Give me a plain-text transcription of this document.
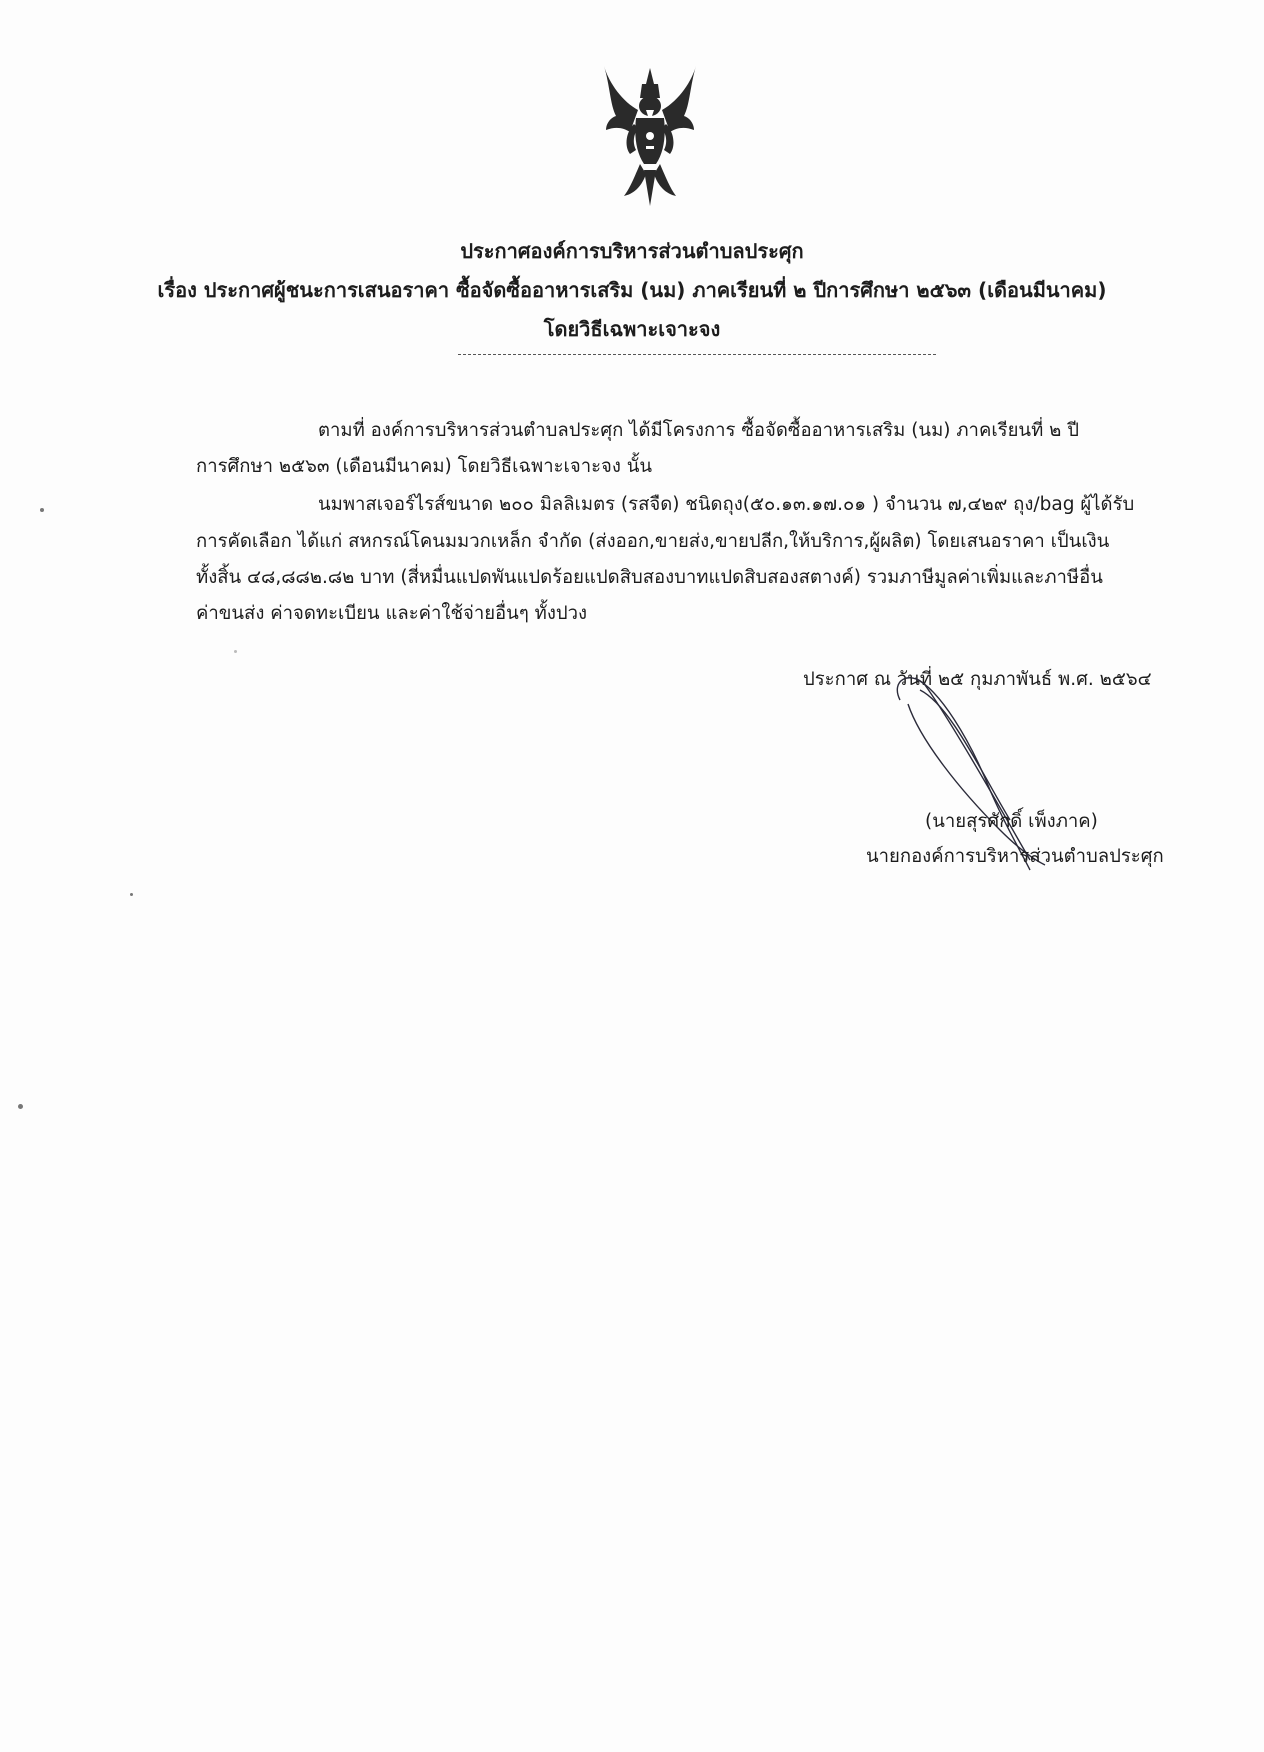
ประกาศองค์การบริหารส่วนตำบลประศุก
เรื่อง ประกาศผู้ชนะการเสนอราคา ซื้อจัดซื้ออาหารเสริม (นม) ภาคเรียนที่ ๒ ปีการศึกษา ๒๕๖๓ (เดือนมีนาคม)
โดยวิธีเฉพาะเจาะจง
ตามที่ องค์การบริหารส่วนตำบลประศุก ได้มีโครงการ ซื้อจัดซื้ออาหารเสริม (นม) ภาคเรียนที่ ๒ ปี
การศึกษา ๒๕๖๓ (เดือนมีนาคม) โดยวิธีเฉพาะเจาะจง นั้น
นมพาสเจอร์ไรส์ขนาด ๒๐๐ มิลลิเมตร (รสจืด) ชนิดถุง(๕๐.๑๓.๑๗.๐๑ ) จำนวน ๗,๔๒๙ ถุง/bag ผู้ได้รับ
การคัดเลือก ได้แก่ สหกรณ์โคนมมวกเหล็ก จำกัด (ส่งออก,ขายส่ง,ขายปลีก,ให้บริการ,ผู้ผลิต) โดยเสนอราคา เป็นเงิน
ทั้งสิ้น ๔๘,๘๘๒.๘๒ บาท (สี่หมื่นแปดพันแปดร้อยแปดสิบสองบาทแปดสิบสองสตางค์) รวมภาษีมูลค่าเพิ่มและภาษีอื่น
ค่าขนส่ง ค่าจดทะเบียน และค่าใช้จ่ายอื่นๆ ทั้งปวง
ประกาศ ณ วันที่ ๒๕ กุมภาพันธ์ พ.ศ. ๒๕๖๔
(นายสุรศักดิ์ เพ็งภาค)
นายกองค์การบริหารส่วนตำบลประศุก
